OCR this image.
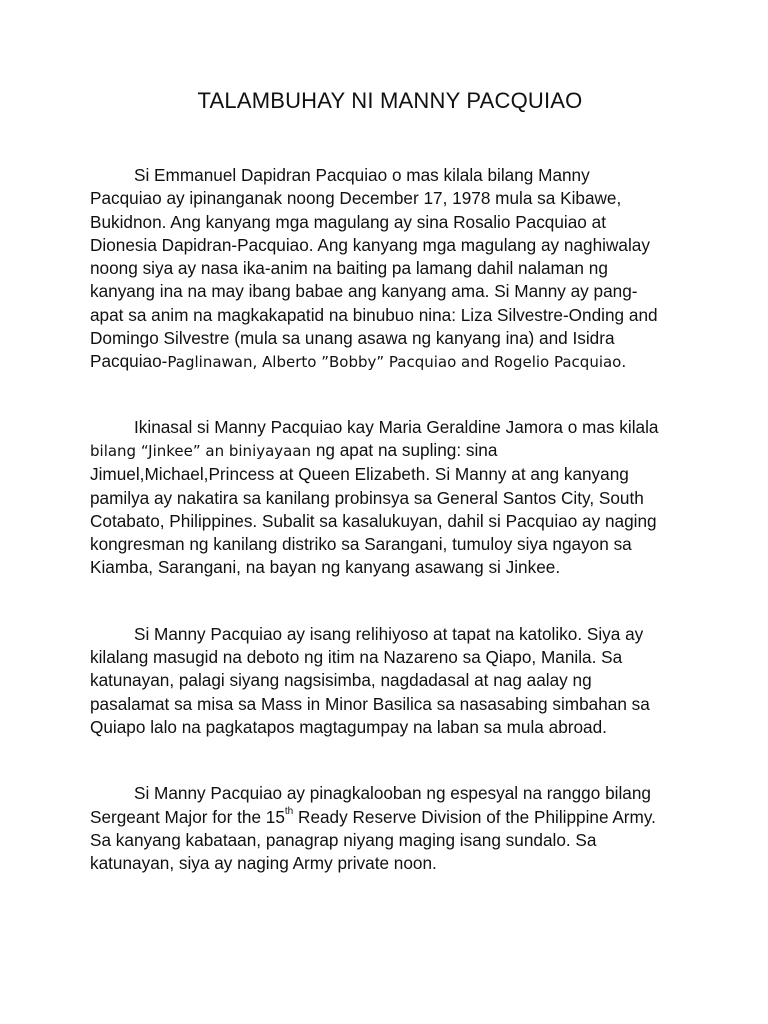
TALAMBUHAY NI MANNY PACQUIAO

Si Emmanuel Dapidran Pacquiao o mas kilala bilang Manny
Pacquiao ay ipinanganak noong December 17, 1978 mula sa Kibawe,
Bukidnon. Ang kanyang mga magulang ay sina Rosalio Pacquiao at
Dionesia Dapidran-Pacquiao. Ang kanyang mga magulang ay naghiwalay
noong siya ay nasa ika-anim na baiting pa lamang dahil nalaman ng
kanyang ina na may ibang babae ang kanyang ama. Si Manny ay pang-
apat sa anim na magkakapatid na binubuo nina: Liza Silvestre-Onding and
Domingo Silvestre (mula sa unang asawa ng kanyang ina) and Isidra
Pacquiao-Paglinawan, Alberto ”Bobby” Pacquiao and Rogelio Pacquiao.

Ikinasal si Manny Pacquiao kay Maria Geraldine Jamora o mas kilala
bilang “Jinkee” an biniyayaan ng apat na supling: sina
Jimuel,Michael,Princess at Queen Elizabeth. Si Manny at ang kanyang
pamilya ay nakatira sa kanilang probinsya sa General Santos City, South
Cotabato, Philippines. Subalit sa kasalukuyan, dahil si Pacquiao ay naging
kongresman ng kanilang distriko sa Sarangani, tumuloy siya ngayon sa
Kiamba, Sarangani, na bayan ng kanyang asawang si Jinkee.

Si Manny Pacquiao ay isang relihiyoso at tapat na katoliko. Siya ay
kilalang masugid na deboto ng itim na Nazareno sa Qiapo, Manila. Sa
katunayan, palagi siyang nagsisimba, nagdadasal at nag aalay ng
pasalamat sa misa sa Mass in Minor Basilica sa nasasabing simbahan sa
Quiapo lalo na pagkatapos magtagumpay na laban sa mula abroad.

Si Manny Pacquiao ay pinagkalooban ng espesyal na ranggo bilang
Sergeant Major for the 15th Ready Reserve Division of the Philippine Army.
Sa kanyang kabataan, panagrap niyang maging isang sundalo. Sa
katunayan, siya ay naging Army private noon.
